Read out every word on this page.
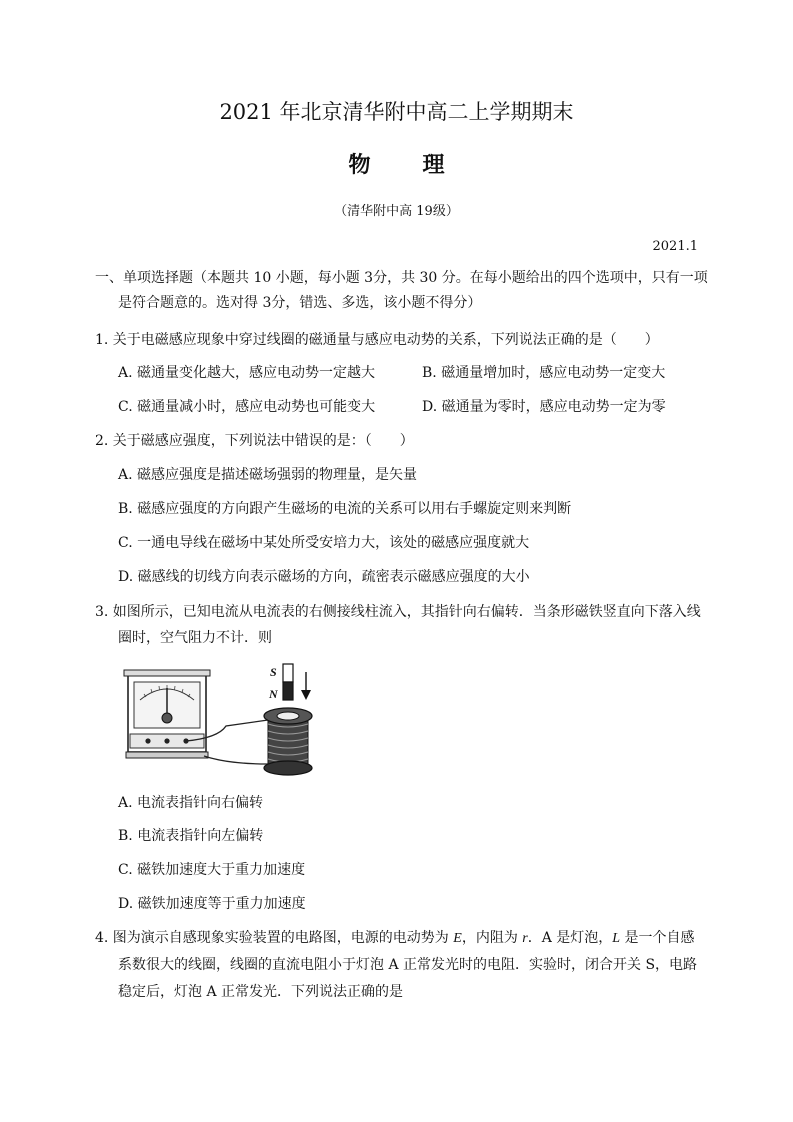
2021 年北京清华附中高二上学期期末
物理
（清华附中高 19级）
2021.1
一、单项选择题（本题共 10 小题，每小题 3分，共 30 分。在每小题给出的四个选项中，只有一项
是符合题意的。选对得 3分，错选、多选，该小题不得分）
1. 关于电磁感应现象中穿过线圈的磁通量与感应电动势的关系，下列说法正确的是（　　）
A. 磁通量变化越大，感应电动势一定越大	B. 磁通量增加时，感应电动势一定变大
C. 磁通量减小时，感应电动势也可能变大	D. 磁通量为零时，感应电动势一定为零
2. 关于磁感应强度，下列说法中错误的是：（　　）
A. 磁感应强度是描述磁场强弱的物理量，是矢量
B. 磁感应强度的方向跟产生磁场的电流的关系可以用右手螺旋定则来判断
C. 一通电导线在磁场中某处所受安培力大，该处的磁感应强度就大
D. 磁感线的切线方向表示磁场的方向，疏密表示磁感应强度的大小
3. 如图所示，已知电流从电流表的右侧接线柱流入，其指针向右偏转．当条形磁铁竖直向下落入线
圈时，空气阻力不计．则
S
N
A. 电流表指针向右偏转
B. 电流表指针向左偏转
C. 磁铁加速度大于重力加速度
D. 磁铁加速度等于重力加速度
4. 图为演示自感现象实验装置的电路图，电源的电动势为 E，内阻为 r．A 是灯泡，L 是一个自感
系数很大的线圈，线圈的直流电阻小于灯泡 A 正常发光时的电阻．实验时，闭合开关 S，电路
稳定后，灯泡 A 正常发光．下列说法正确的是
